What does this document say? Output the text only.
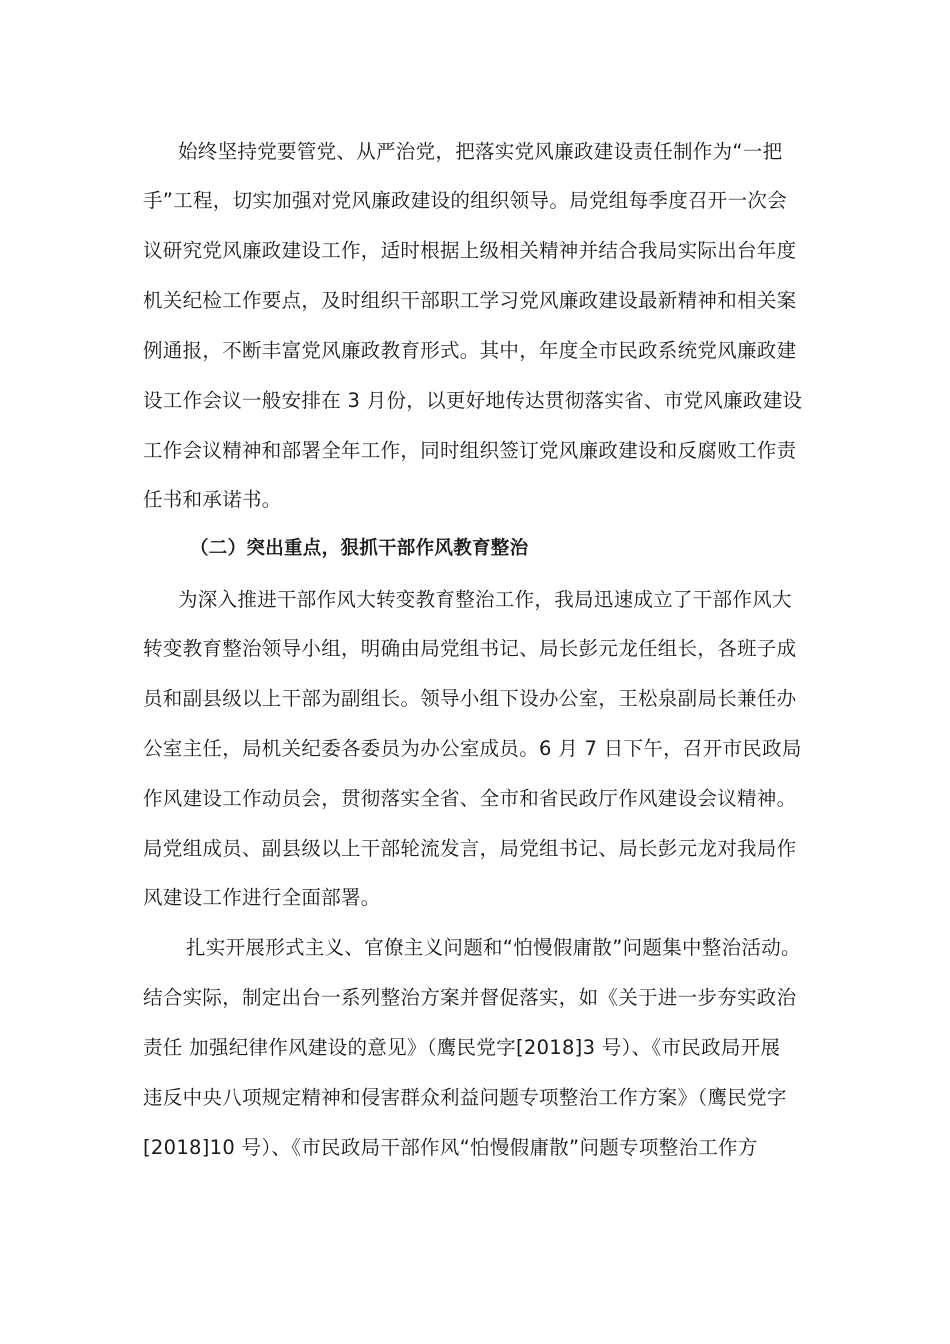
始终坚持党要管党、从严治党，把落实党风廉政建设责任制作为“一把
手”工程，切实加强对党风廉政建设的组织领导。局党组每季度召开一次会
议研究党风廉政建设工作，适时根据上级相关精神并结合我局实际出台年度
机关纪检工作要点，及时组织干部职工学习党风廉政建设最新精神和相关案
例通报，不断丰富党风廉政教育形式。其中，年度全市民政系统党风廉政建
设工作会议一般安排在 3 月份，以更好地传达贯彻落实省、市党风廉政建设
工作会议精神和部署全年工作，同时组织签订党风廉政建设和反腐败工作责
任书和承诺书。
（二）突出重点，狠抓干部作风教育整治
为深入推进干部作风大转变教育整治工作，我局迅速成立了干部作风大
转变教育整治领导小组，明确由局党组书记、局长彭元龙任组长，各班子成
员和副县级以上干部为副组长。领导小组下设办公室，王松泉副局长兼任办
公室主任，局机关纪委各委员为办公室成员。6 月 7 日下午，召开市民政局
作风建设工作动员会，贯彻落实全省、全市和省民政厅作风建设会议精神。
局党组成员、副县级以上干部轮流发言，局党组书记、局长彭元龙对我局作
风建设工作进行全面部署。
扎实开展形式主义、官僚主义问题和“怕慢假庸散”问题集中整治活动。
结合实际，制定出台一系列整治方案并督促落实，如《关于进一步夯实政治
责任 加强纪律作风建设的意见》（鹰民党字[2018]3 号）、《市民政局开展
违反中央八项规定精神和侵害群众利益问题专项整治工作方案》（鹰民党字
[2018]10 号）、《市民政局干部作风“怕慢假庸散”问题专项整治工作方
